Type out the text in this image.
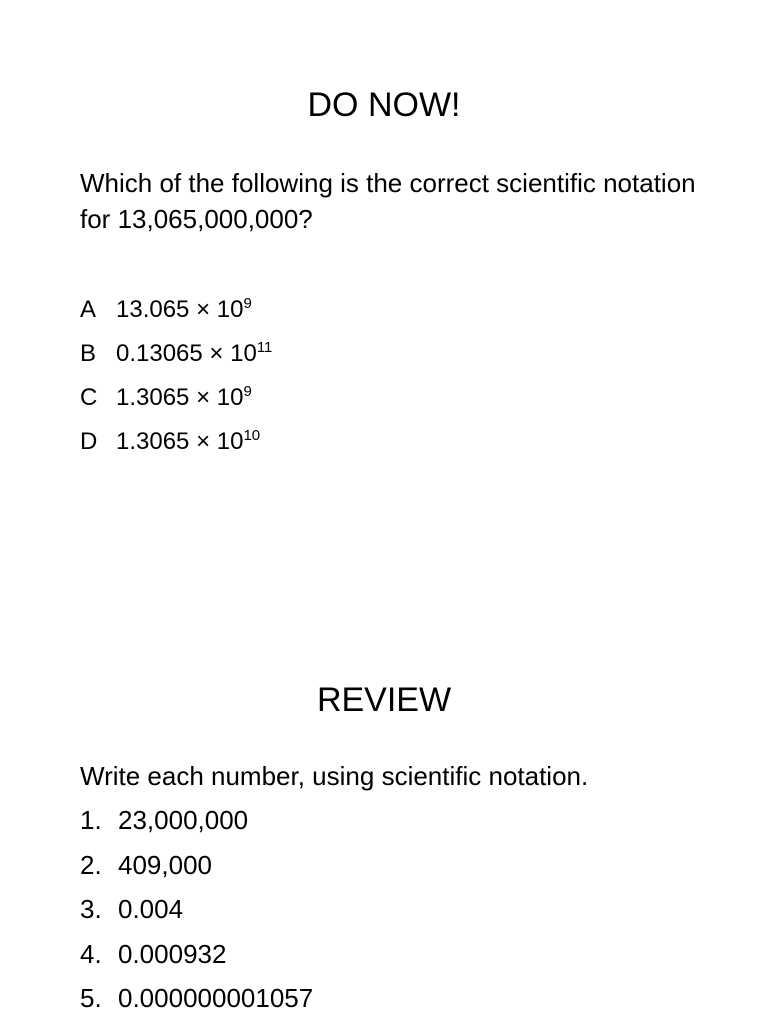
DO NOW!

Which of the following is the correct scientific notation for 13,065,000,000?

A $13.065 \times 10^9$
B $0.13065 \times 10^{11}$
C $1.3065 \times 10^9$
D $1.3065 \times 10^{10}$
REVIEW

Write each number, using scientific notation.

1. 23,000,000
2. 409,000
3. 0.004
4. 0.000932
5. 0.000000001057
